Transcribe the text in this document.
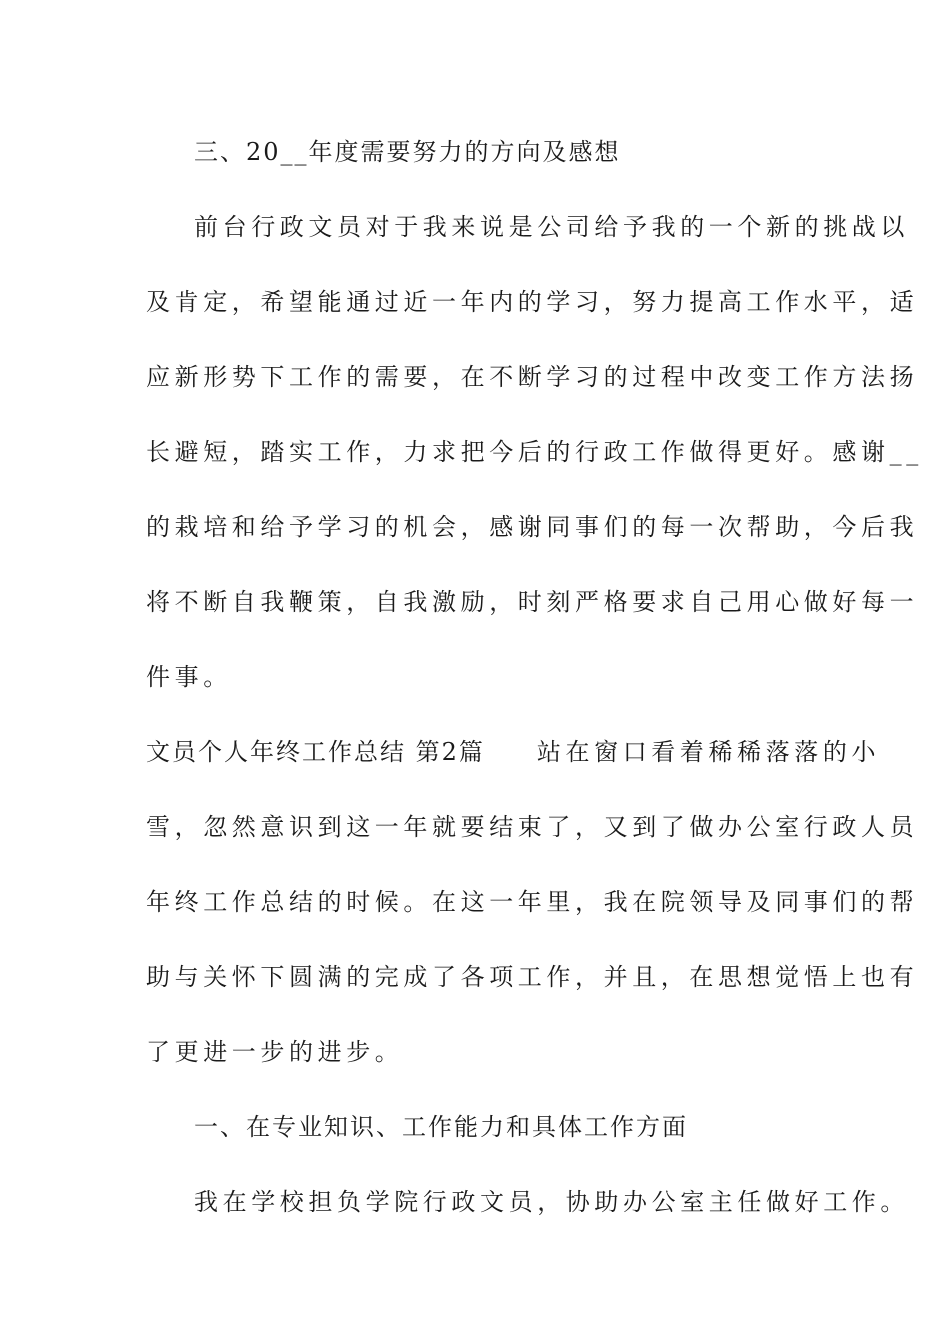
三、20__年度需要努力的方向及感想
前台行政文员对于我来说是公司给予我的一个新的挑战以
及肯定，希望能通过近一年内的学习，努力提高工作水平，适
应新形势下工作的需要，在不断学习的过程中改变工作方法扬
长避短，踏实工作，力求把今后的行政工作做得更好。感谢__
的栽培和给予学习的机会，感谢同事们的每一次帮助，今后我
将不断自我鞭策，自我激励，时刻严格要求自己用心做好每一
件事。
文员个人年终工作总结 第2篇 站在窗口看着稀稀落落的小
雪，忽然意识到这一年就要结束了，又到了做办公室行政人员
年终工作总结的时候。在这一年里，我在院领导及同事们的帮
助与关怀下圆满的完成了各项工作，并且，在思想觉悟上也有
了更进一步的进步。
一、在专业知识、工作能力和具体工作方面
我在学校担负学院行政文员，协助办公室主任做好工作。
